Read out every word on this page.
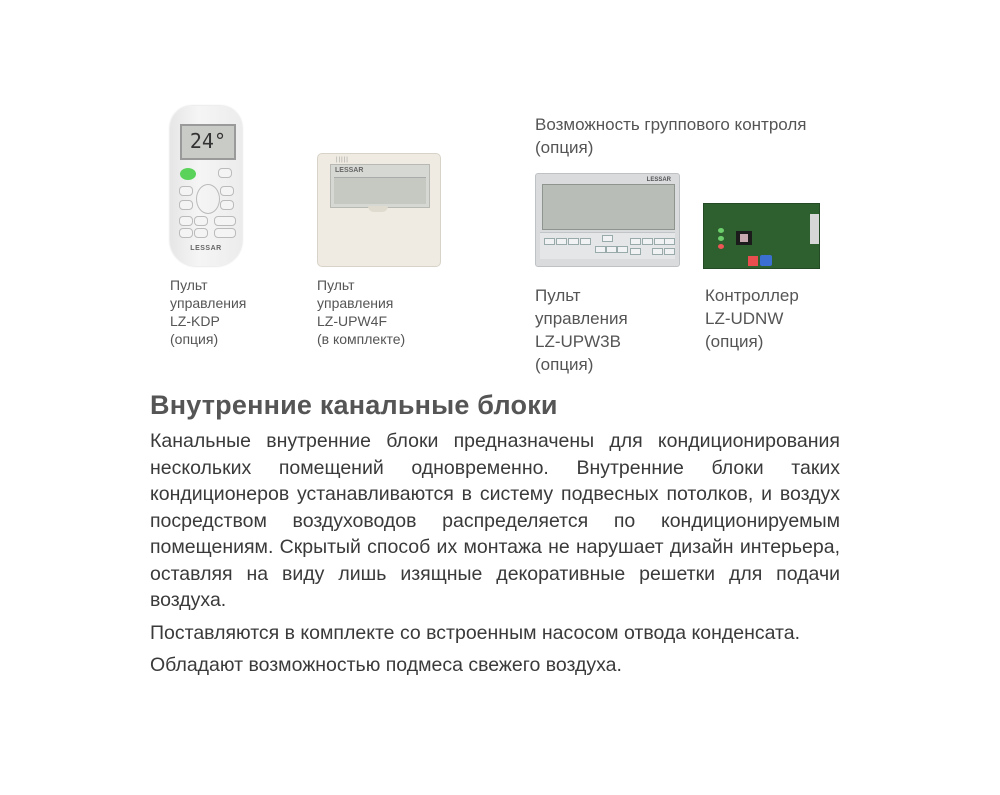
24°
LESSAR
Пульт
управления
LZ-KDP
(опция)
|||||
LESSAR
Пульт
управления
LZ-UPW4F
(в комплекте)
Возможность группового контроля
(опция)
LESSAR
Пульт
управления
LZ-UPW3B
(опция)
Контроллер
LZ-UDNW
(опция)
Внутренние канальные блоки

Канальные внутренние блоки предназначены для кондиционирования нескольких помещений одновременно. Внутренние блоки таких кондиционеров устанавливаются в систему подвесных потолков, и воздух посредством воздуховодов распределяется по кондиционируемым помещениям. Скрытый способ их монтажа не нарушает дизайн интерьера, оставляя на виду лишь изящные декоративные решетки для подачи воздуха.

Поставляются в комплекте со встроенным насосом отвода конденсата.

Обладают возможностью подмеса свежего воздуха.
